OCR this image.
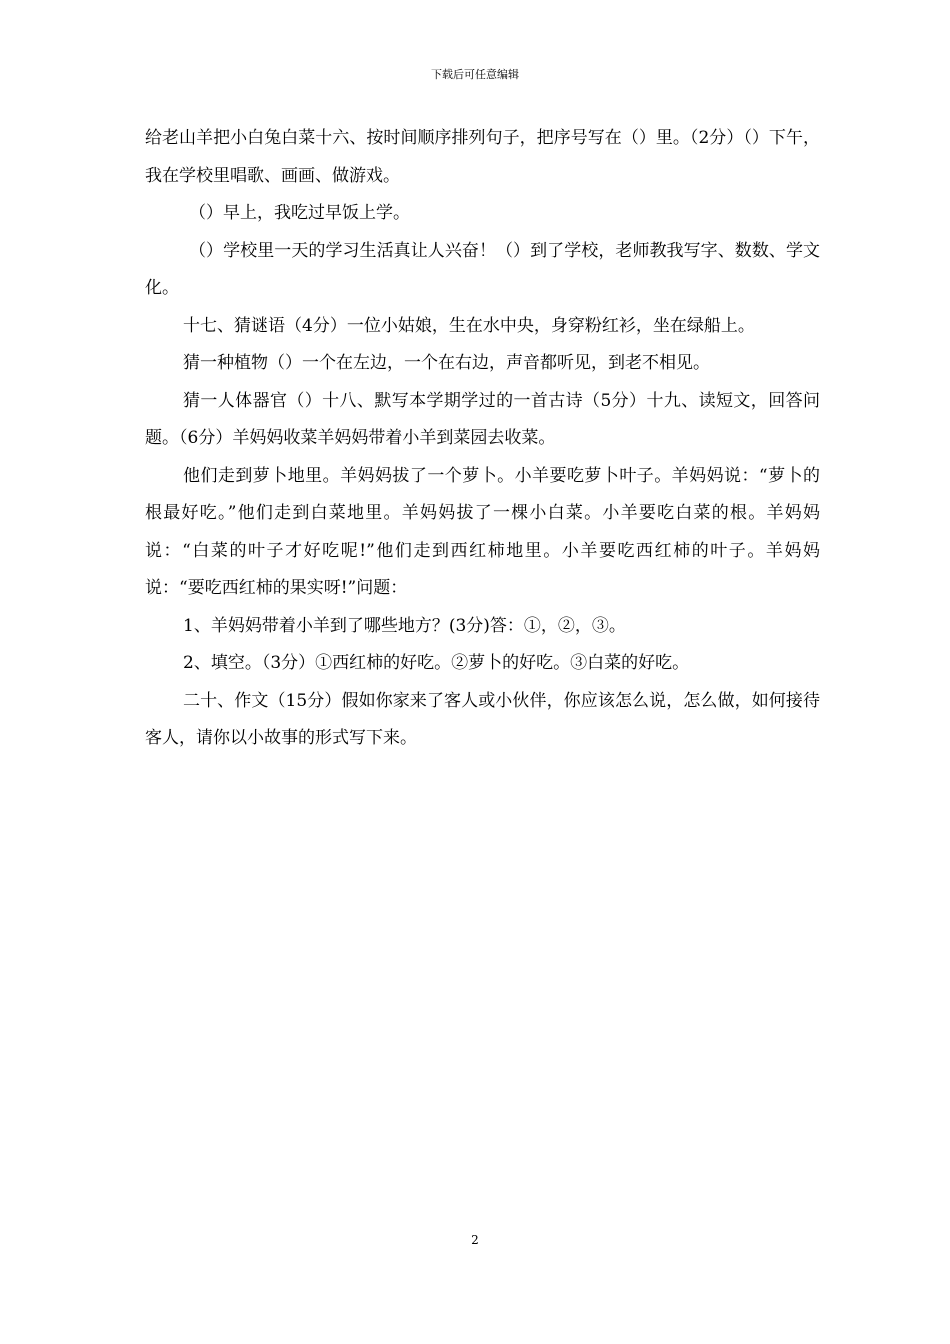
下载后可任意编辑

给老山羊把小白兔白菜十六、按时间顺序排列句子，把序号写在（）里。（2分）（）下午，我在学校里唱歌、画画、做游戏。

（）早上，我吃过早饭上学。

（）学校里一天的学习生活真让人兴奋！（）到了学校，老师教我写字、数数、学文化。

十七、猜谜语（4分）一位小姑娘，生在水中央，身穿粉红衫，坐在绿船上。

猜一种植物（）一个在左边，一个在右边，声音都听见，到老不相见。

猜一人体器官（）十八、默写本学期学过的一首古诗（5分）十九、读短文，回答问题。（6分）羊妈妈收菜羊妈妈带着小羊到菜园去收菜。

他们走到萝卜地里。羊妈妈拔了一个萝卜。小羊要吃萝卜叶子。羊妈妈说：“萝卜的根最好吃。”他们走到白菜地里。羊妈妈拔了一棵小白菜。小羊要吃白菜的根。羊妈妈说：“白菜的叶子才好吃呢!”他们走到西红柿地里。小羊要吃西红柿的叶子。羊妈妈说：“要吃西红柿的果实呀!”问题：

1、羊妈妈带着小羊到了哪些地方？(3分)答：①，②，③。

2、填空。（3分）①西红柿的好吃。②萝卜的好吃。③白菜的好吃。

二十、作文（15分）假如你家来了客人或小伙伴，你应该怎么说，怎么做，如何接待客人，请你以小故事的形式写下来。

2
